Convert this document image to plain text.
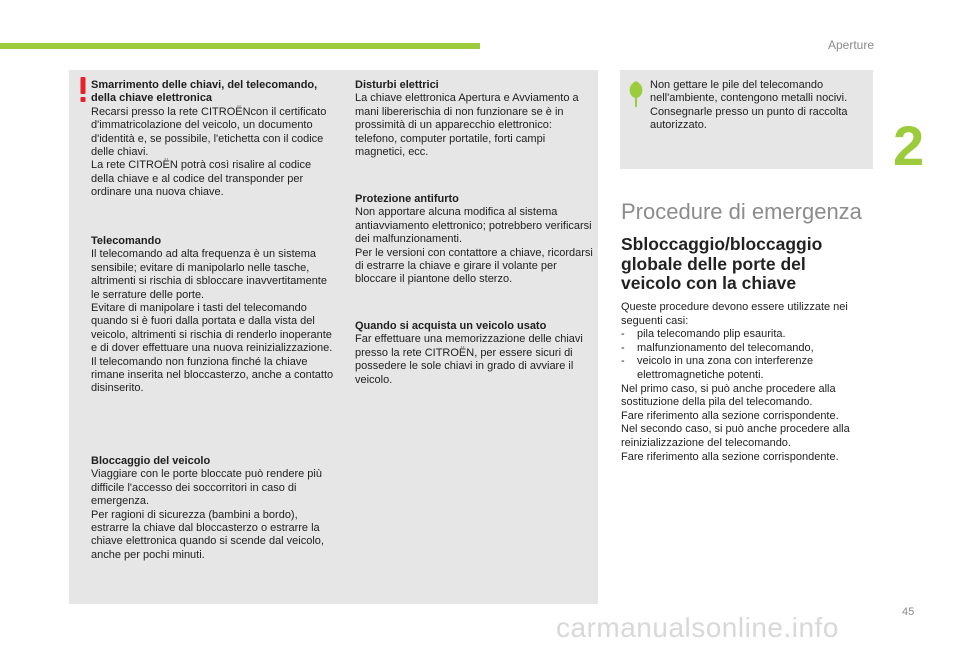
Aperture
2
Smarrimento delle chiavi, del telecomando, della chiave elettronica
Recarsi presso la rete CITROËNcon il certificato d'immatricolazione del veicolo, un documento d'identità e, se possibile, l'etichetta con il codice delle chiavi.
La rete CITROËN potrà così risalire al codice della chiave e al codice del transponder per ordinare una nuova chiave.
Telecomando
Il telecomando ad alta frequenza è un sistema sensibile; evitare di manipolarlo nelle tasche, altrimenti si rischia di sbloccare inavvertitamente le serrature delle porte.
Evitare di manipolare i tasti del telecomando quando si è fuori dalla portata e dalla vista del veicolo, altrimenti si rischia di renderlo inoperante e di dover effettuare una nuova reinizializzazione.
Il telecomando non funziona finché la chiave rimane inserita nel bloccasterzo, anche a contatto disinserito.
Bloccaggio del veicolo
Viaggiare con le porte bloccate può rendere più difficile l'accesso dei soccorritori in caso di emergenza.
Per ragioni di sicurezza (bambini a bordo), estrarre la chiave dal bloccasterzo o estrarre la chiave elettronica quando si scende dal veicolo, anche per pochi minuti.
Disturbi elettrici
La chiave elettronica Apertura e Avviamento a mani libererischia di non funzionare se è in prossimità di un apparecchio elettronico: telefono, computer portatile, forti campi magnetici, ecc.
Protezione antifurto
Non apportare alcuna modifica al sistema antiavviamento elettronico; potrebbero verificarsi dei malfunzionamenti.
Per le versioni con contattore a chiave, ricordarsi di estrarre la chiave e girare il volante per bloccare il piantone dello sterzo.
Quando si acquista un veicolo usato
Far effettuare una memorizzazione delle chiavi presso la rete CITROËN, per essere sicuri di possedere le sole chiavi in grado di avviare il veicolo.
Non gettare le pile del telecomando nell'ambiente, contengono metalli nocivi. Consegnarle presso un punto di raccolta autorizzato.
Procedure di emergenza
Sbloccaggio/bloccaggio globale delle porte del veicolo con la chiave

Queste procedure devono essere utilizzate nei seguenti casi:

- pila telecomando plip esaurita.
- malfunzionamento del telecomando,
- veicolo in una zona con interferenze elettromagnetiche potenti.

Nel primo caso, si può anche procedere alla sostituzione della pila del telecomando.

Fare riferimento alla sezione corrispondente.

Nel secondo caso, si può anche procedere alla reinizializzazione del telecomando.

Fare riferimento alla sezione corrispondente.

45
carmanualsonline.info
